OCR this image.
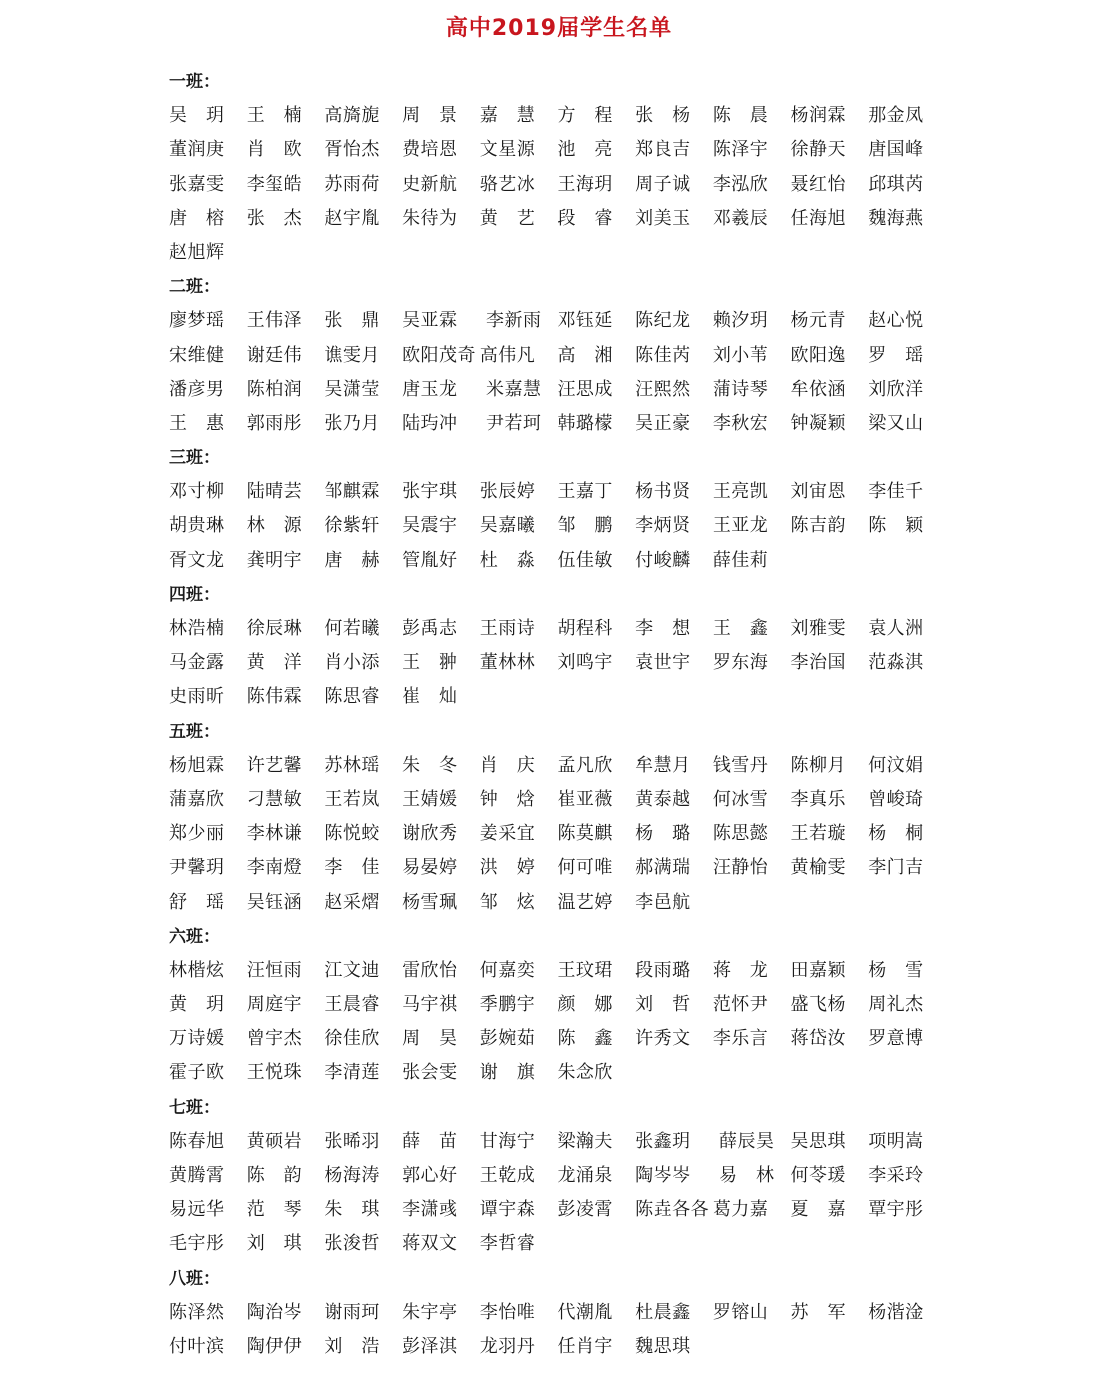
高中2019届学生名单
一班：
吴　玥 王　楠 高旖旎 周　景 嘉　慧 方　程 张　杨 陈　晨 杨润霖 那金凤
董润庚 肖　欧 胥怡杰 费培恩 文星源 池　亮 郑良吉 陈泽宇 徐静天 唐国峰
张嘉雯 李玺皓 苏雨荷 史新航 骆艺冰 王海玥 周子诚 李泓欣 聂红怡 邱琪芮
唐　榕 张　杰 赵宇胤 朱待为 黄　艺 段　睿 刘美玉 邓羲辰 任海旭 魏海燕
赵旭辉
二班：
廖梦瑶 王伟泽 张　鼎 吴亚霖 李新雨 邓钰延 陈纪龙 赖汐玥 杨元青 赵心悦
宋维健 谢廷伟 谯雯月 欧阳茂奇 高伟凡 高　湘 陈佳芮 刘小苇 欧阳逸 罗　瑶
潘彦男 陈柏润 吴潇莹 唐玉龙 米嘉慧 汪思成 汪熙然 蒲诗琴 牟依涵 刘欣洋
王　惠 郭雨彤 张乃月 陆玙冲 尹若珂 韩璐檬 吴正豪 李秋宏 钟凝颖 梁又山
三班：
邓寸柳 陆晴芸 邹麒霖 张宇琪 张辰婷 王嘉丁 杨书贤 王亮凯 刘宙恩 李佳千
胡贵琳 林　源 徐紫轩 吴震宇 吴嘉曦 邹　鹏 李炳贤 王亚龙 陈吉韵 陈　颖
胥文龙 龚明宇 唐　赫 管胤好 杜　淼 伍佳敏 付峻麟 薛佳莉
四班：
林浩楠 徐辰琳 何若曦 彭禹志 王雨诗 胡程科 李　想 王　鑫 刘雅雯 袁人洲
马金露 黄　洋 肖小添 王　翀 董林林 刘鸣宇 袁世宇 罗东海 李治国 范淼淇
史雨昕 陈伟霖 陈思睿 崔　灿
五班：
杨旭霖 许艺馨 苏林瑶 朱　冬 肖　庆 孟凡欣 牟慧月 钱雪丹 陈柳月 何汶娟
蒲嘉欣 刁慧敏 王若岚 王婧媛 钟　焓 崔亚薇 黄泰越 何冰雪 李真乐 曾峻琦
郑少丽 李林谦 陈悦蛟 谢欣秀 姜采宜 陈莫麒 杨　璐 陈思懿 王若璇 杨　桐
尹馨玥 李南燈 李　佳 易晏婷 洪　婷 何可唯 郝满瑞 汪静怡 黄榆雯 李门吉
舒　瑶 吴钰涵 赵采熠 杨雪珮 邹　炫 温艺婷 李邑航
六班：
林楷炫 汪恒雨 江文迪 雷欣怡 何嘉奕 王玟珺 段雨璐 蒋　龙 田嘉颖 杨　雪
黄　玥 周庭宇 王晨睿 马宇祺 季鹏宇 颜　娜 刘　哲 范怀尹 盛飞杨 周礼杰
万诗媛 曾宇杰 徐佳欣 周　昊 彭婉茹 陈　鑫 许秀文 李乐言 蒋岱汝 罗意博
霍子欧 王悦珠 李清莲 张会雯 谢　旗 朱念欣
七班：
陈春旭 黄硕岩 张晞羽 薛　苗 甘海宁 梁瀚夫 张鑫玥 薛辰昊 吴思琪 项明嵩
黄腾霄 陈　韵 杨海涛 郭心好 王乾成 龙涌泉 陶岑岑 易　林 何苓瑗 李采玲
易远华 范　琴 朱　琪 李潇彧 谭宇森 彭凌霄 陈垚各各 葛力嘉 夏　嘉 覃宇彤
毛宇彤 刘　琪 张浚哲 蒋双文 李哲睿
八班：
陈泽然 陶治岑 谢雨珂 朱宇亭 李怡唯 代潮胤 杜晨鑫 罗镕山 苏　军 杨湝淦
付叶滨 陶伊伊 刘　浩 彭泽淇 龙羽丹 任肖宇 魏思琪
